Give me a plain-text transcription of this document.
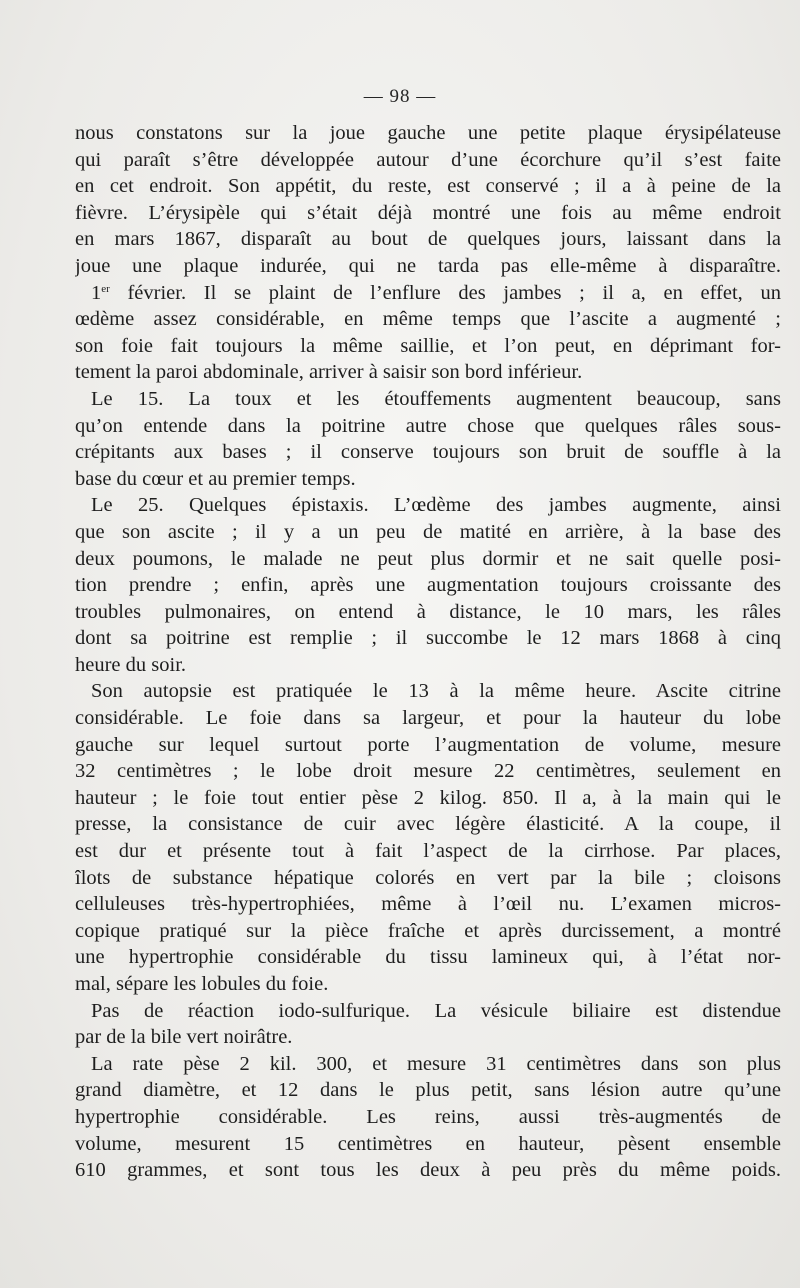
— 98 —
nous constatons sur la joue gauche une petite plaque érysipélateuse
qui paraît s’être développée autour d’une écorchure qu’il s’est faite
en cet endroit. Son appétit, du reste, est conservé ; il a à peine de la
fièvre. L’érysipèle qui s’était déjà montré une fois au même endroit
en mars 1867, disparaît au bout de quelques jours, laissant dans la
joue une plaque indurée, qui ne tarda pas elle-même à disparaître.
1er février. Il se plaint de l’enflure des jambes ; il a, en effet, un
œdème assez considérable, en même temps que l’ascite a augmenté ;
son foie fait toujours la même saillie, et l’on peut, en déprimant for-
tement la paroi abdominale, arriver à saisir son bord inférieur.
Le 15. La toux et les étouffements augmentent beaucoup, sans
qu’on entende dans la poitrine autre chose que quelques râles sous-
crépitants aux bases ; il conserve toujours son bruit de souffle à la
base du cœur et au premier temps.
Le 25. Quelques épistaxis. L’œdème des jambes augmente, ainsi
que son ascite ; il y a un peu de matité en arrière, à la base des
deux poumons, le malade ne peut plus dormir et ne sait quelle posi-
tion prendre ; enfin, après une augmentation toujours croissante des
troubles pulmonaires, on entend à distance, le 10 mars, les râles
dont sa poitrine est remplie ; il succombe le 12 mars 1868 à cinq
heure du soir.
Son autopsie est pratiquée le 13 à la même heure. Ascite citrine
considérable. Le foie dans sa largeur, et pour la hauteur du lobe
gauche sur lequel surtout porte l’augmentation de volume, mesure
32 centimètres ; le lobe droit mesure 22 centimètres, seulement en
hauteur ; le foie tout entier pèse 2 kilog. 850. Il a, à la main qui le
presse, la consistance de cuir avec légère élasticité. A la coupe, il
est dur et présente tout à fait l’aspect de la cirrhose. Par places,
îlots de substance hépatique colorés en vert par la bile ; cloisons
celluleuses très-hypertrophiées, même à l’œil nu. L’examen micros-
copique pratiqué sur la pièce fraîche et après durcissement, a montré
une hypertrophie considérable du tissu lamineux qui, à l’état nor-
mal, sépare les lobules du foie.
Pas de réaction iodo-sulfurique. La vésicule biliaire est distendue
par de la bile vert noirâtre.
La rate pèse 2 kil. 300, et mesure 31 centimètres dans son plus
grand diamètre, et 12 dans le plus petit, sans lésion autre qu’une
hypertrophie considérable. Les reins, aussi très-augmentés de
volume, mesurent 15 centimètres en hauteur, pèsent ensemble
610 grammes, et sont tous les deux à peu près du même poids.
